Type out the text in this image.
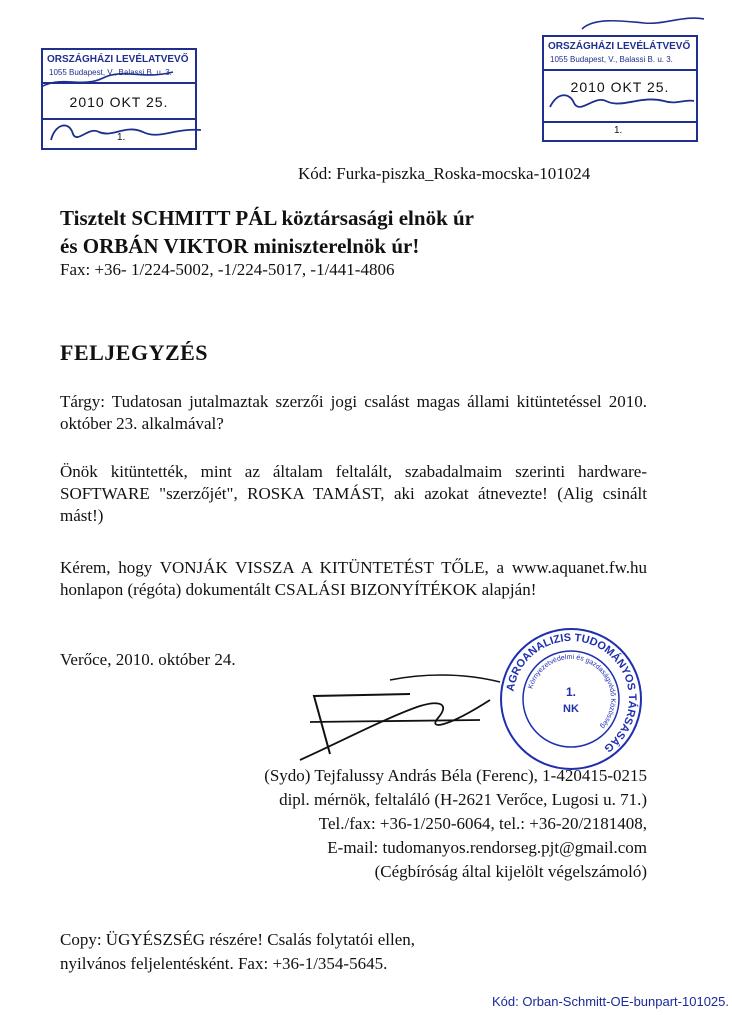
ORSZÁGHÁZI LEVÉLATVEVŐ
1055 Budapest, V., Balassi B. u. 3.
2010 OKT 25.
1.
ORSZÁGHÁZI LEVÉLÁTVEVŐ
1055 Budapest, V., Balassi B. u. 3.
2010 OKT 25.
1.
Kód: Furka-piszka_Roska-mocska-101024
Tisztelt SCHMITT PÁL köztársasági elnök úr
és ORBÁN VIKTOR miniszterelnök úr!
Fax: +36- 1/224-5002, -1/224-5017, -1/441-4806
FELJEGYZÉS
Tárgy: Tudatosan jutalmaztak szerzői jogi csalást magas állami kitüntetéssel 2010. október 23. alkalmával?
Önök kitüntették, mint az általam feltalált, szabadalmaim szerinti hardware-SOFTWARE "szerzőjét", ROSKA TAMÁST, aki azokat átnevezte! (Alig csinált mást!)
Kérem, hogy VONJÁK VISSZA A KITÜNTETÉST TŐLE, a www.aquanet.fw.hu honlapon (régóta) dokumentált CSALÁSI BIZONYÍTÉKOK alapján!
Verőce, 2010. október 24.
AGROANALIZIS TUDOMÁNYOS TÁRSASÁG
Környezetvédelmi és gazdaságvédő Közösség
1.
NK
(Sydo) Tejfalussy András Béla (Ferenc), 1-420415-0215
dipl. mérnök, feltaláló (H-2621 Verőce, Lugosi u. 71.)
Tel./fax: +36-1/250-6064, tel.: +36-20/2181408,
E-mail: tudomanyos.rendorseg.pjt@gmail.com
(Cégbíróság által kijelölt végelszámoló)
Copy: ÜGYÉSZSÉG részére! Csalás folytatói ellen,
nyilvános feljelentésként. Fax: +36-1/354-5645.
Kód: Orban-Schmitt-OE-bunpart-101025.
